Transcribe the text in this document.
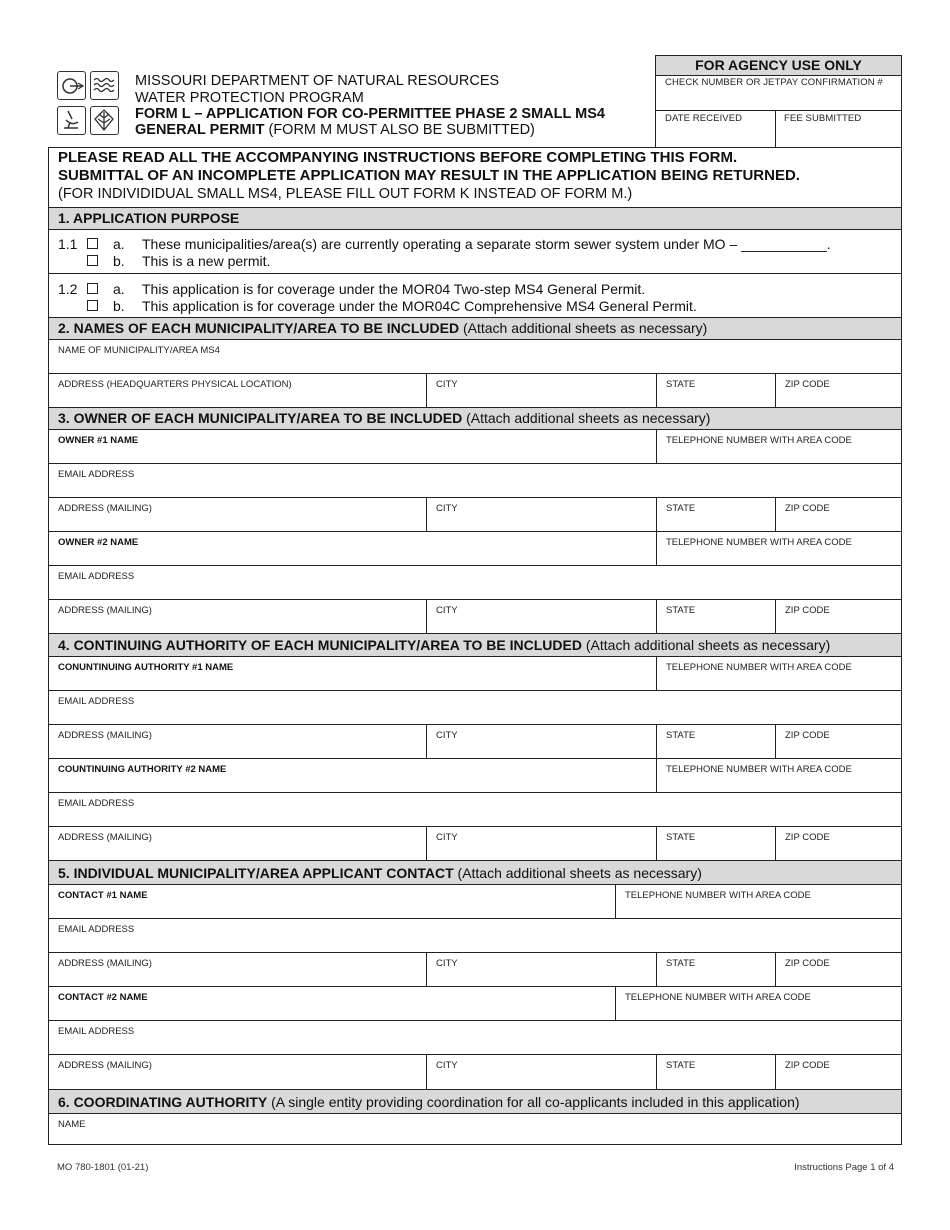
MISSOURI DEPARTMENT OF NATURAL RESOURCES
WATER PROTECTION PROGRAM
FORM L – APPLICATION FOR CO-PERMITTEE PHASE 2 SMALL MS4
GENERAL PERMIT (FORM M MUST ALSO BE SUBMITTED)
FOR AGENCY USE ONLY
CHECK NUMBER OR JETPAY CONFIRMATION #
DATE RECEIVED	FEE SUBMITTED
PLEASE READ ALL THE ACCOMPANYING INSTRUCTIONS BEFORE COMPLETING THIS FORM.
SUBMITTAL OF AN INCOMPLETE APPLICATION MAY RESULT IN THE APPLICATION BEING RETURNED.
(FOR INDIVIDIDUAL SMALL MS4, PLEASE FILL OUT FORM K INSTEAD OF FORM M.)
1. APPLICATION PURPOSE
1.1	a. These municipalities/area(s) are currently operating a separate storm sewer system under MO – ___________.
b. This is a new permit.
1.2	a. This application is for coverage under the MOR04 Two-step MS4 General Permit.
b. This application is for coverage under the MOR04C Comprehensive MS4 General Permit.
2. NAMES OF EACH MUNICIPALITY/AREA TO BE INCLUDED (Attach additional sheets as necessary)
NAME OF MUNICIPALITY/AREA MS4
ADDRESS (HEADQUARTERS PHYSICAL LOCATION)	CITY	STATE	ZIP CODE
3. OWNER OF EACH MUNICIPALITY/AREA TO BE INCLUDED (Attach additional sheets as necessary)
OWNER #1 NAME	TELEPHONE NUMBER WITH AREA CODE
EMAIL ADDRESS
ADDRESS (MAILING)	CITY	STATE	ZIP CODE
OWNER #2 NAME	TELEPHONE NUMBER WITH AREA CODE
EMAIL ADDRESS
ADDRESS (MAILING)	CITY	STATE	ZIP CODE
4. CONTINUING AUTHORITY OF EACH MUNICIPALITY/AREA TO BE INCLUDED (Attach additional sheets as necessary)
CONUNTINUING AUTHORITY #1 NAME	TELEPHONE NUMBER WITH AREA CODE
EMAIL ADDRESS
ADDRESS (MAILING)	CITY	STATE	ZIP CODE
COUNTINUING AUTHORITY #2 NAME	TELEPHONE NUMBER WITH AREA CODE
EMAIL ADDRESS
ADDRESS (MAILING)	CITY	STATE	ZIP CODE
5. INDIVIDUAL MUNICIPALITY/AREA APPLICANT CONTACT (Attach additional sheets as necessary)
CONTACT #1 NAME	TELEPHONE NUMBER WITH AREA CODE
EMAIL ADDRESS
ADDRESS (MAILING)	CITY	STATE	ZIP CODE
CONTACT #2 NAME	TELEPHONE NUMBER WITH AREA CODE
EMAIL ADDRESS
ADDRESS (MAILING)	CITY	STATE	ZIP CODE
6. COORDINATING AUTHORITY (A single entity providing coordination for all co-applicants included in this application)
NAME
MO 780-1801 (01-21)	Instructions Page 1 of 4
